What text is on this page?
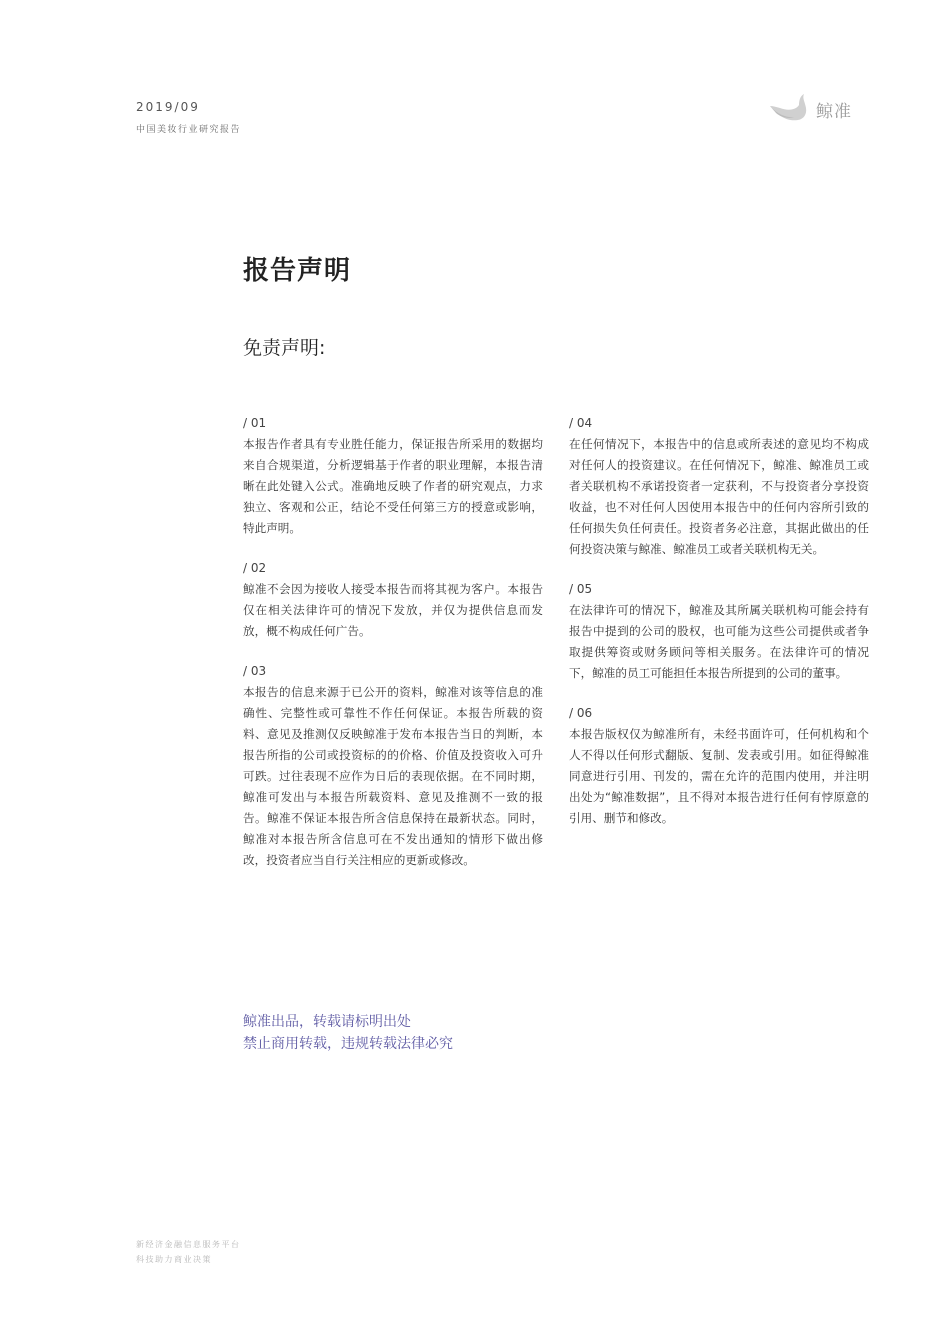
2019/09
中国美妆行业研究报告
鲸准
报告声明
免责声明:
/ 01
本报告作者具有专业胜任能力，保证报告所采用的数据均来自合规渠道，分析逻辑基于作者的职业理解，本报告清晰在此处键入公式。准确地反映了作者的研究观点，力求独立、客观和公正，结论不受任何第三方的授意或影响，特此声明。
/ 02
鲸准不会因为接收人接受本报告而将其视为客户。本报告仅在相关法律许可的情况下发放，并仅为提供信息而发放，概不构成任何广告。
/ 03
本报告的信息来源于已公开的资料，鲸准对该等信息的准确性、完整性或可靠性不作任何保证。本报告所载的资料、意见及推测仅反映鲸准于发布本报告当日的判断，本报告所指的公司或投资标的的价格、价值及投资收入可升可跌。过往表现不应作为日后的表现依据。在不同时期，鲸准可发出与本报告所载资料、意见及推测不一致的报告。鲸准不保证本报告所含信息保持在最新状态。同时，鲸准对本报告所含信息可在不发出通知的情形下做出修改，投资者应当自行关注相应的更新或修改。
/ 04
在任何情况下，本报告中的信息或所表述的意见均不构成对任何人的投资建议。在任何情况下，鲸准、鲸准员工或者关联机构不承诺投资者一定获利，不与投资者分享投资收益，也不对任何人因使用本报告中的任何内容所引致的任何损失负任何责任。投资者务必注意，其据此做出的任何投资决策与鲸准、鲸准员工或者关联机构无关。
/ 05
在法律许可的情况下，鲸准及其所属关联机构可能会持有报告中提到的公司的股权，也可能为这些公司提供或者争取提供筹资或财务顾问等相关服务。在法律许可的情况下，鲸准的员工可能担任本报告所提到的公司的董事。
/ 06
本报告版权仅为鲸准所有，未经书面许可，任何机构和个人不得以任何形式翻版、复制、发表或引用。如征得鲸准同意进行引用、刊发的，需在允许的范围内使用，并注明出处为“鲸准数据”，且不得对本报告进行任何有悖原意的引用、删节和修改。
鲸准出品，转载请标明出处
禁止商用转载，违规转载法律必究
新经济金融信息服务平台
科技助力商业决策
